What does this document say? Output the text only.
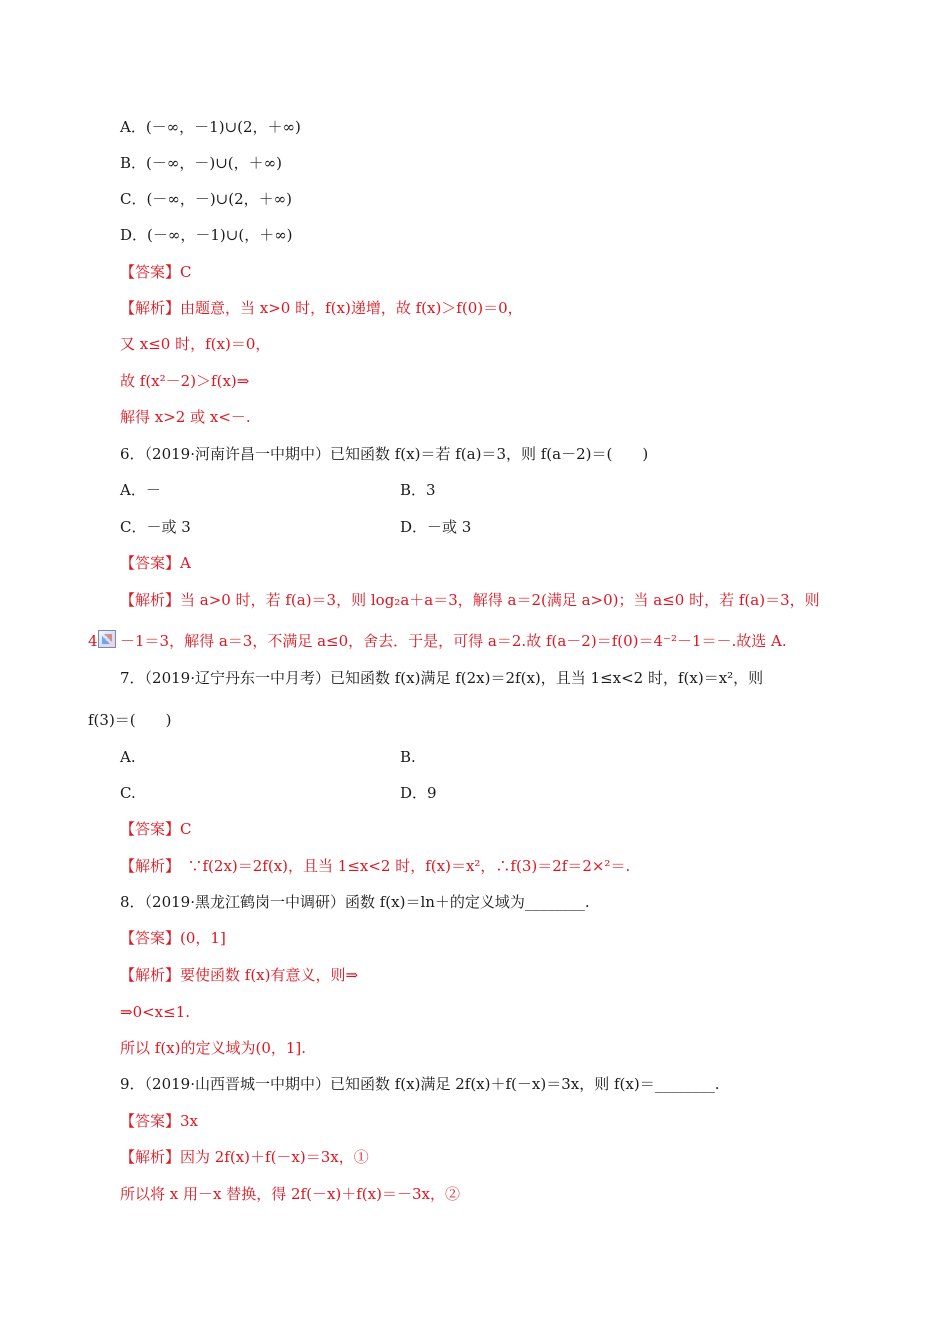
A．(－∞，－1)∪(2，＋∞)
B．(－∞，－)∪(，＋∞)
C．(－∞，－)∪(2，＋∞)
D．(－∞，－1)∪(，＋∞)
【答案】C
【解析】由题意，当 x>0 时，f(x)递增，故 f(x)＞f(0)＝0，
又 x≤0 时，f(x)＝0，
故 f(x²－2)＞f(x)⇒
解得 x>2 或 x<－.
6．（2019·河南许昌一中期中）已知函数 f(x)＝若 f(a)＝3，则 f(a－2)＝(　　)
A．－	B．3
C．－或 3	D．－或 3
【答案】A
【解析】当 a>0 时，若 f(a)＝3，则 log₂a＋a＝3，解得 a＝2(满足 a>0)；当 a≤0 时，若 f(a)＝3，则
4 －1＝3，解得 a＝3，不满足 a≤0，舍去．于是，可得 a＝2.故 f(a－2)＝f(0)＝4⁻²－1＝－.故选 A.
7．（2019·辽宁丹东一中月考）已知函数 f(x)满足 f(2x)＝2f(x)，且当 1≤x<2 时，f(x)＝x²，则
f(3)＝(　　)
A.	B.
C.	D．9
【答案】C
【解析】　∵f(2x)＝2f(x)，且当 1≤x<2 时，f(x)＝x²，∴f(3)＝2f＝2×²＝.
8．（2019·黑龙江鹤岗一中调研）函数 f(x)＝ln＋的定义域为________.
【答案】(0，1]
【解析】要使函数 f(x)有意义，则⇒
⇒0<x≤1.
所以 f(x)的定义域为(0，1].
9．（2019·山西晋城一中期中）已知函数 f(x)满足 2f(x)＋f(－x)＝3x，则 f(x)＝________.
【答案】3x
【解析】因为 2f(x)＋f(－x)＝3x，①
所以将 x 用－x 替换，得 2f(－x)＋f(x)＝－3x，②
